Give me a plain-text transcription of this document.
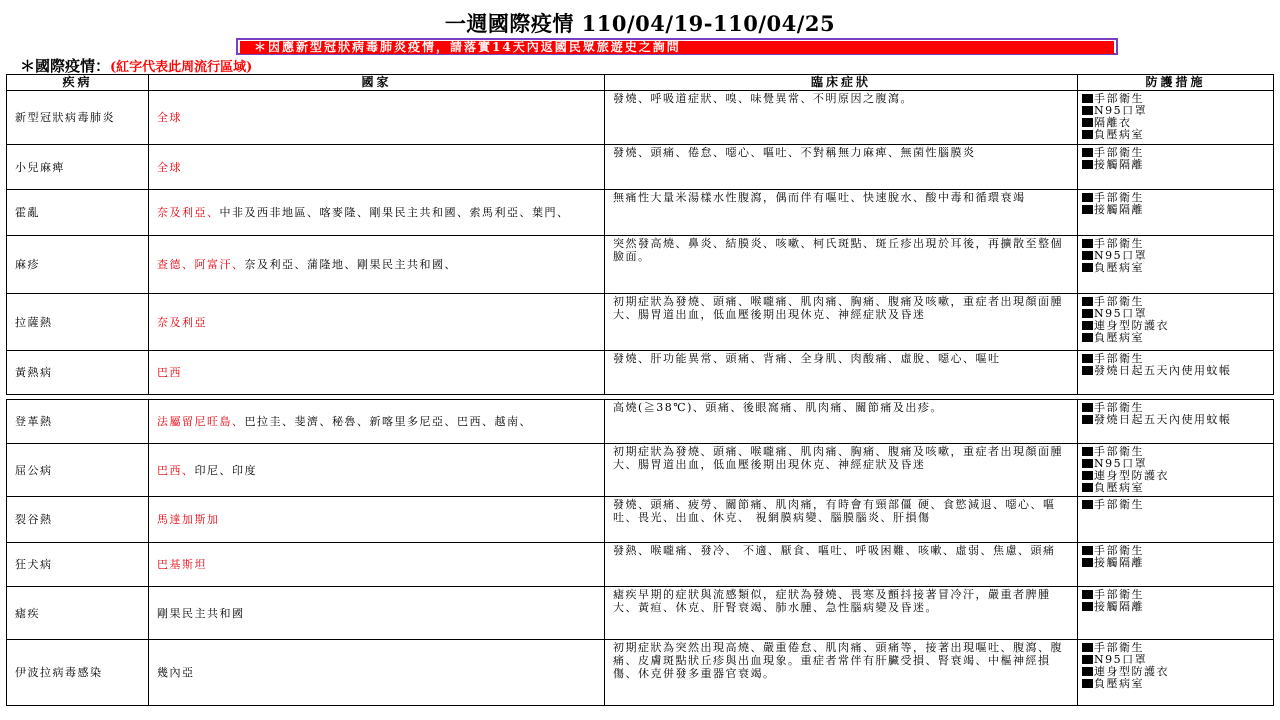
一週國際疫情 110/04/19-110/04/25
＊因應新型冠狀病毒肺炎疫情，請落實14天內返國民眾旅遊史之詢問
＊國際疫情：(紅字代表此周流行區域)
疾病	國家	臨床症狀	防護措施
新型冠狀病毒肺炎	全球	發燒、呼吸道症狀、嗅、味覺異常、不明原因之腹瀉。	手部衛生
N95口罩
隔離衣
負壓病室

小兒麻痺	全球	發燒、頭痛、倦怠、噁心、嘔吐、不對稱無力麻痺、無菌性腦膜炎	手部衛生
接觸隔離

霍亂	奈及利亞、中非及西非地區、喀麥隆、剛果民主共和國、索馬利亞、葉門、	無痛性大量米湯樣水性腹瀉，偶而伴有嘔吐、快速脫水、酸中毒和循環衰竭	手部衛生
接觸隔離

麻疹	查德、阿富汗、奈及利亞、蒲隆地、剛果民主共和國、	突然發高燒、鼻炎、結膜炎、咳嗽、柯氏斑點、斑丘疹出現於耳後，再擴散至整個臉面。	手部衛生
N95口罩
負壓病室

拉薩熱	奈及利亞	初期症狀為發燒、頭痛、喉嚨痛、肌肉痛、胸痛、腹痛及咳嗽，重症者出現顏面腫大、腸胃道出血，低血壓後期出現休克、神經症狀及昏迷	手部衛生
N95口罩
連身型防護衣
負壓病室

黃熱病	巴西	發燒、肝功能異常、頭痛、背痛、全身肌、肉酸痛、虛脫、噁心、嘔吐	手部衛生
發燒日起五天內使用蚊帳

登革熱	法屬留尼旺島、巴拉圭、斐濟、秘魯、新喀里多尼亞、巴西、越南、	高燒(≧38℃)、頭痛、後眼窩痛、肌肉痛、關節痛及出疹。	手部衛生
發燒日起五天內使用蚊帳

屈公病	巴西、印尼、印度	初期症狀為發燒、頭痛、喉嚨痛、肌肉痛、胸痛、腹痛及咳嗽，重症者出現顏面腫大、腸胃道出血，低血壓後期出現休克、神經症狀及昏迷	手部衛生
N95口罩
連身型防護衣
負壓病室

裂谷熱	馬達加斯加	發燒、頭痛、疲勞、關節痛、肌肉痛，有時會有頸部僵 硬、食慾減退、噁心、嘔吐、畏光、出血、休克、 視網膜病變、腦膜腦炎、肝損傷	手部衛生

狂犬病	巴基斯坦	發熱、喉嚨痛、發冷、 不適、厭食、嘔吐、呼吸困難、咳嗽、虛弱、焦慮、頭痛	手部衛生
接觸隔離

瘧疾	剛果民主共和國	瘧疾早期的症狀與流感類似，症狀為發燒、畏寒及顫抖接著冒冷汗，嚴重者脾腫大、黃疸、休克、肝腎衰竭、肺水腫、急性腦病變及昏迷。	手部衛生
接觸隔離

伊波拉病毒感染	幾內亞	初期症狀為突然出現高燒、嚴重倦怠、肌肉痛、頭痛等，接著出現嘔吐、腹瀉、腹痛、皮膚斑點狀丘疹與出血現象。重症者常伴有肝臟受損、腎衰竭、中樞神經損傷、休克併發多重器官衰竭。	手部衛生
N95口罩
連身型防護衣
負壓病室
